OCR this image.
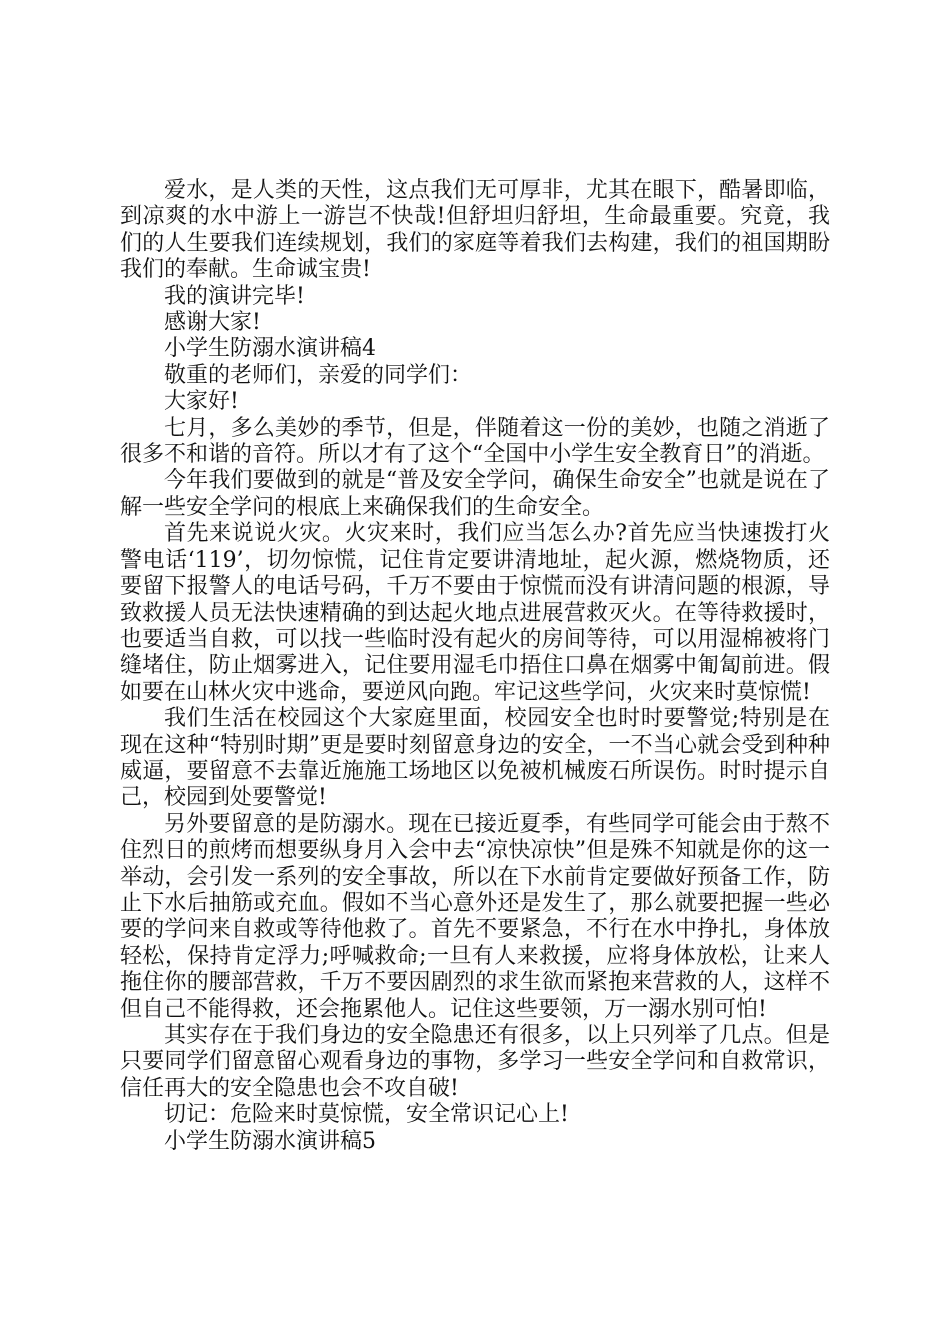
爱水，是人类的天性，这点我们无可厚非，尤其在眼下，酷暑即临，到凉爽的水中游上一游岂不快哉!但舒坦归舒坦，生命最重要。究竟，我们的人生要我们连续规划，我们的家庭等着我们去构建，我们的祖国期盼我们的奉献。生命诚宝贵!

我的演讲完毕!

感谢大家!

小学生防溺水演讲稿4

敬重的老师们，亲爱的同学们：

大家好!

七月，多么美妙的季节，但是，伴随着这一份的美妙，也随之消逝了很多不和谐的音符。所以才有了这个“全国中小学生安全教育日”的消逝。

今年我们要做到的就是“普及安全学问，确保生命安全”也就是说在了解一些安全学问的根底上来确保我们的生命安全。

首先来说说火灾。火灾来时，我们应当怎么办?首先应当快速拨打火警电话‘119’，切勿惊慌，记住肯定要讲清地址，起火源，燃烧物质，还要留下报警人的电话号码，千万不要由于惊慌而没有讲清问题的根源，导致救援人员无法快速精确的到达起火地点进展营救灭火。在等待救援时，也要适当自救，可以找一些临时没有起火的房间等待，可以用湿棉被将门缝堵住，防止烟雾进入，记住要用湿毛巾捂住口鼻在烟雾中匍匐前进。假如要在山林火灾中逃命，要逆风向跑。牢记这些学问，火灾来时莫惊慌!

我们生活在校园这个大家庭里面，校园安全也时时要警觉;特别是在现在这种“特别时期”更是要时刻留意身边的安全，一不当心就会受到种种威逼，要留意不去靠近施施工场地区以免被机械废石所误伤。时时提示自己，校园到处要警觉!

另外要留意的是防溺水。现在已接近夏季，有些同学可能会由于熬不住烈日的煎烤而想要纵身月入会中去“凉快凉快”但是殊不知就是你的这一举动，会引发一系列的安全事故，所以在下水前肯定要做好预备工作，防止下水后抽筋或充血。假如不当心意外还是发生了，那么就要把握一些必要的学问来自救或等待他救了。首先不要紧急，不行在水中挣扎，身体放轻松，保持肯定浮力;呼喊救命;一旦有人来救援，应将身体放松，让来人拖住你的腰部营救，千万不要因剧烈的求生欲而紧抱来营救的人，这样不但自己不能得救，还会拖累他人。记住这些要领，万一溺水别可怕!

其实存在于我们身边的安全隐患还有很多，以上只列举了几点。但是只要同学们留意留心观看身边的事物，多学习一些安全学问和自救常识，信任再大的安全隐患也会不攻自破!

切记：危险来时莫惊慌，安全常识记心上!

小学生防溺水演讲稿5
